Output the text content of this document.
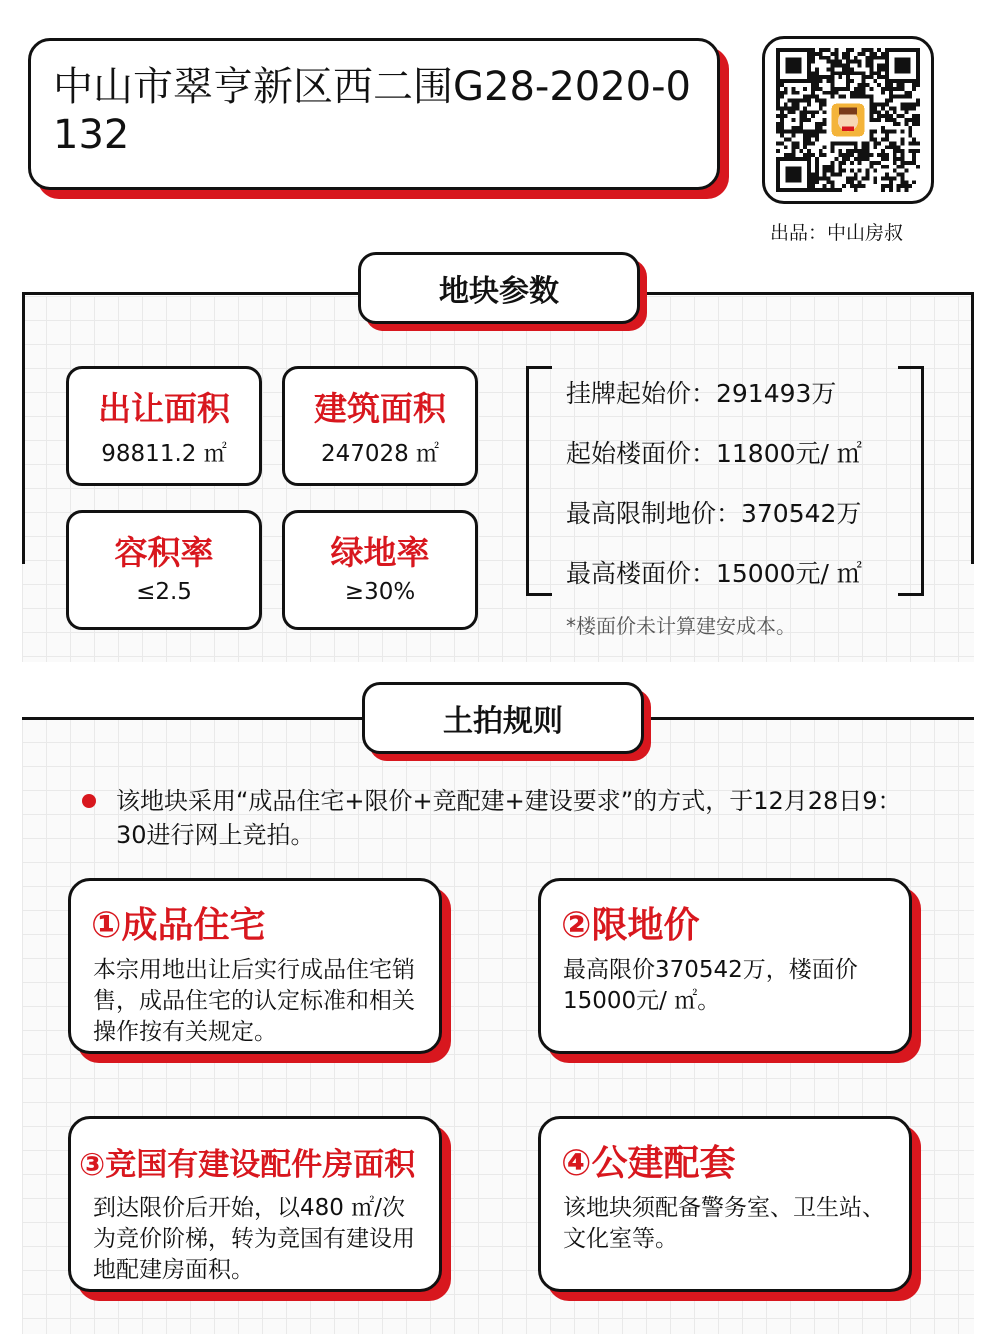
中山市翠亨新区西二围G28-2020-0132
出品：中山房叔
地块参数
出让面积
98811.2 ㎡
建筑面积
247028 ㎡
容积率
≤2.5
绿地率
≥30%
挂牌起始价：291493万
起始楼面价：11800元/ ㎡
最高限制地价：370542万
最高楼面价：15000元/ ㎡
*楼面价未计算建安成本。
土拍规则
该地块采用“成品住宅+限价+竞配建+建设要求”的方式，于12月28日9：30进行网上竞拍。
①成品住宅
本宗用地出让后实行成品住宅销售，成品住宅的认定标准和相关操作按有关规定。
②限地价
最高限价370542万，楼面价15000元/ ㎡。
③竞国有建设配件房面积
到达限价后开始，以480 ㎡/次为竞价阶梯，转为竞国有建设用地配建房面积。
④公建配套
该地块须配备警务室、卫生站、文化室等。
